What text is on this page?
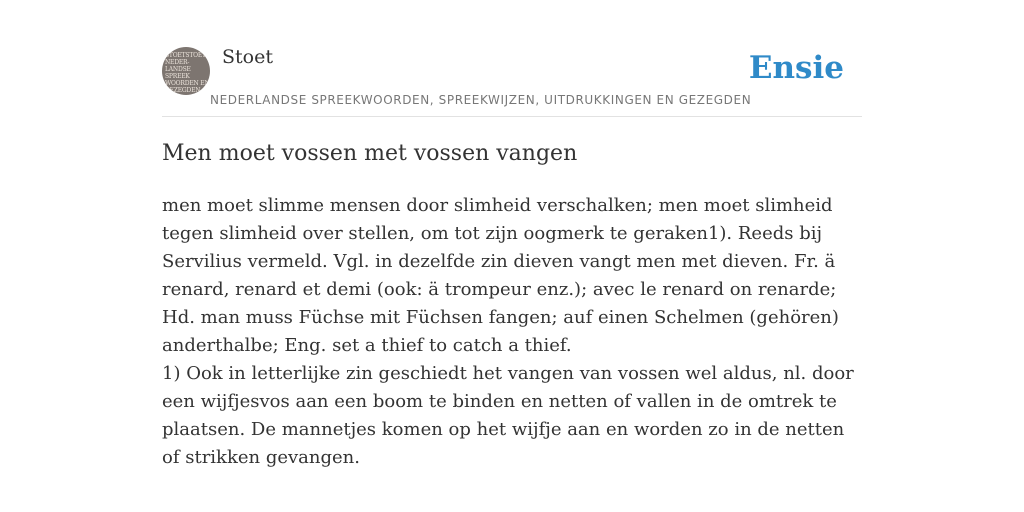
STOETSTOET
NEDER-
LANDSE
SPREEK
WOORDEN EN
GEZEGDEN
Stoet
NEDERLANDSE SPREEKWOORDEN, SPREEKWIJZEN, UITDRUKKINGEN EN GEZEGDEN
Ensie
Men moet vossen met vossen vangen

men moet slimme mensen door slimheid verschalken; men moet slimheid tegen slimheid over stellen, om tot zijn oogmerk te geraken1). Reeds bij Servilius vermeld. Vgl. in dezelfde zin dieven vangt men met dieven. Fr. ä renard, renard et demi (ook: ä trompeur enz.); avec le renard on renarde; Hd. man muss Füchse mit Füchsen fangen; auf einen Schelmen (gehören) anderthalbe; Eng. set a thief to catch a thief.

1) Ook in letterlijke zin geschiedt het vangen van vossen wel aldus, nl. door een wijfjesvos aan een boom te binden en netten of vallen in de omtrek te plaatsen. De mannetjes komen op het wijfje aan en worden zo in de netten of strikken gevangen.
